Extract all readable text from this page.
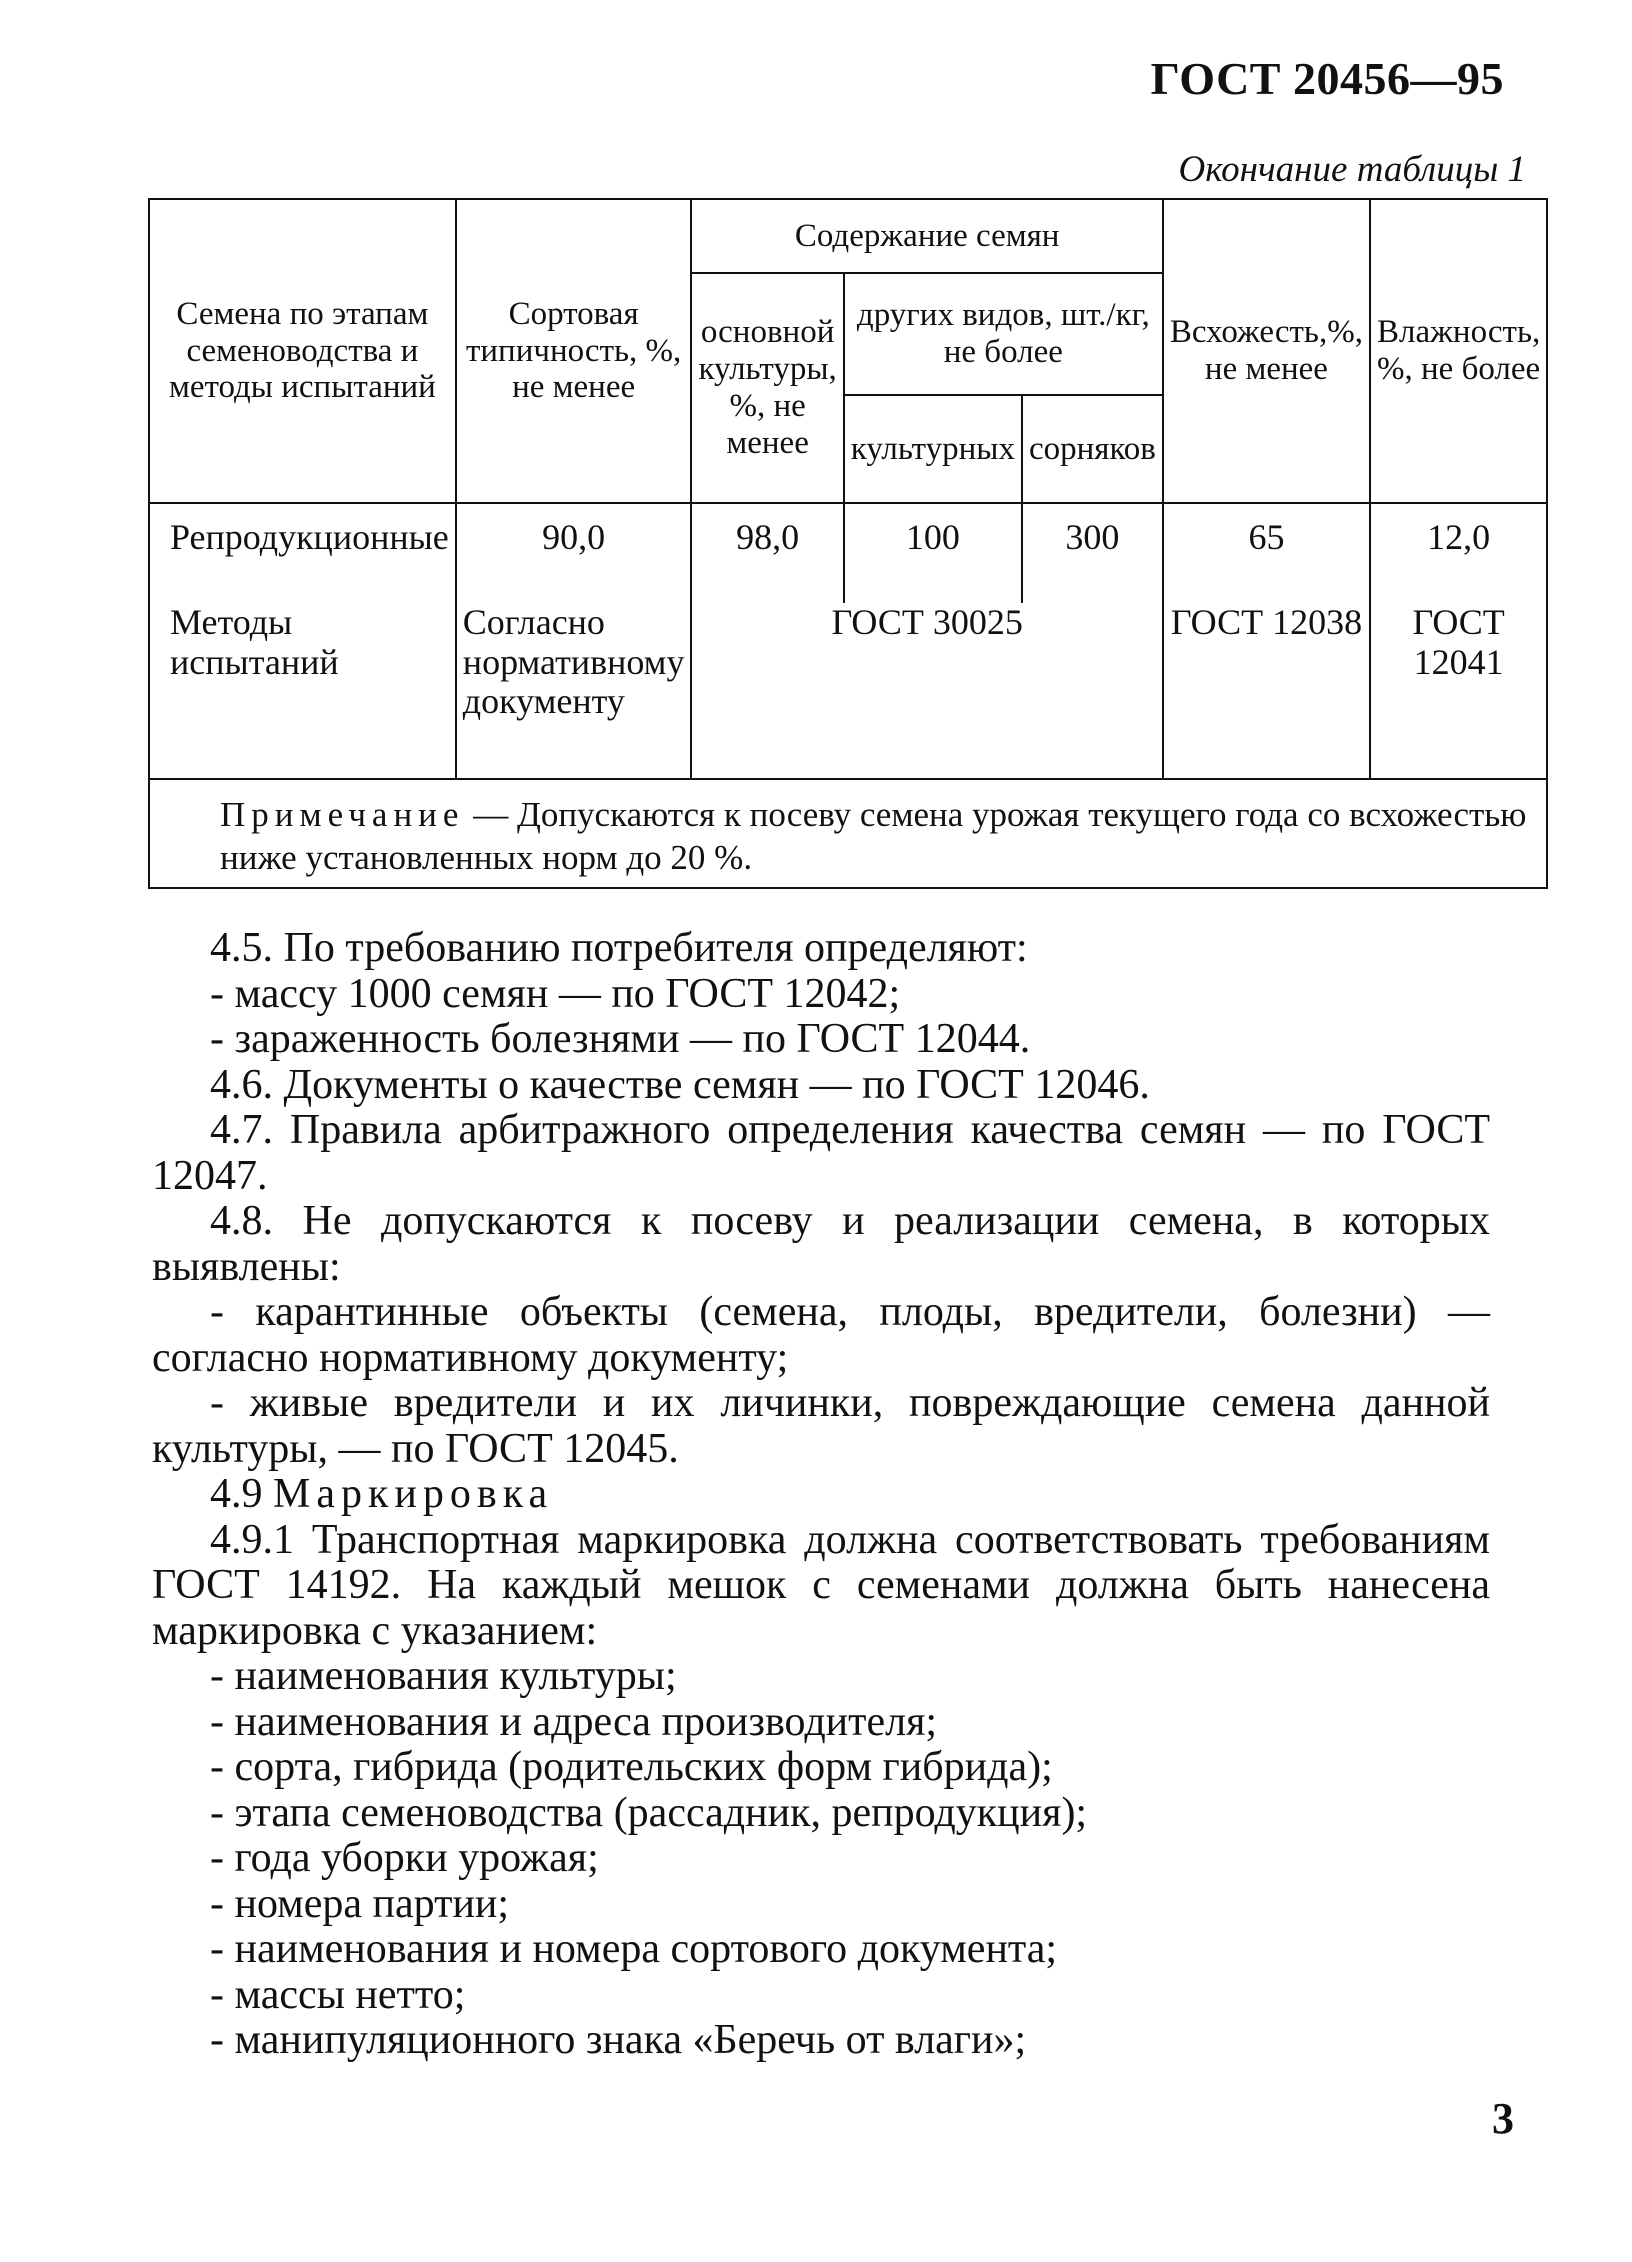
ГОСТ 20456—95
Окончание таблицы 1
Семена по этапам семеноводства и методы испытаний	Сортовая типичность, %, не менее	Содержание семян			Всхожесть,%, не менее	Влажность, %, не более
		основной культуры, %, не менее	других видов, шт./кг, не более			
			культурных	сорняков		
Репродукционные	90,0	98,0	100	300	65	12,0
Методы испытаний	Согласно нормативному документу	ГОСТ 30025			ГОСТ 12038	ГОСТ 12041
Примечание — Допускаются к посеву семена урожая текущего года со всхожестью ниже установленных норм до 20 %.						

4.5. По требованию потребителя определяют:

- массу 1000 семян — по ГОСТ 12042;

- зараженность болезнями — по ГОСТ 12044.

4.6. Документы о качестве семян — по ГОСТ 12046.

4.7. Правила арбитражного определения качества семян — по ГОСТ 12047.

4.8. Не допускаются к посеву и реализации семена, в которых выявлены:

- карантинные объекты (семена, плоды, вредители, болезни) — согласно нормативному документу;

- живые вредители и их личинки, повреждающие семена данной культуры, — по ГОСТ 12045.

4.9 Маркировка

4.9.1 Транспортная маркировка должна соответствовать требованиям ГОСТ 14192. На каждый мешок с семенами должна быть нанесена маркировка с указанием:

- наименования культуры;

- наименования и адреса производителя;

- сорта, гибрида (родительских форм гибрида);

- этапа семеноводства (рассадник, репродукция);

- года уборки урожая;

- номера партии;

- наименования и номера сортового документа;

- массы нетто;

- манипуляционного знака «Беречь от влаги»;

3
